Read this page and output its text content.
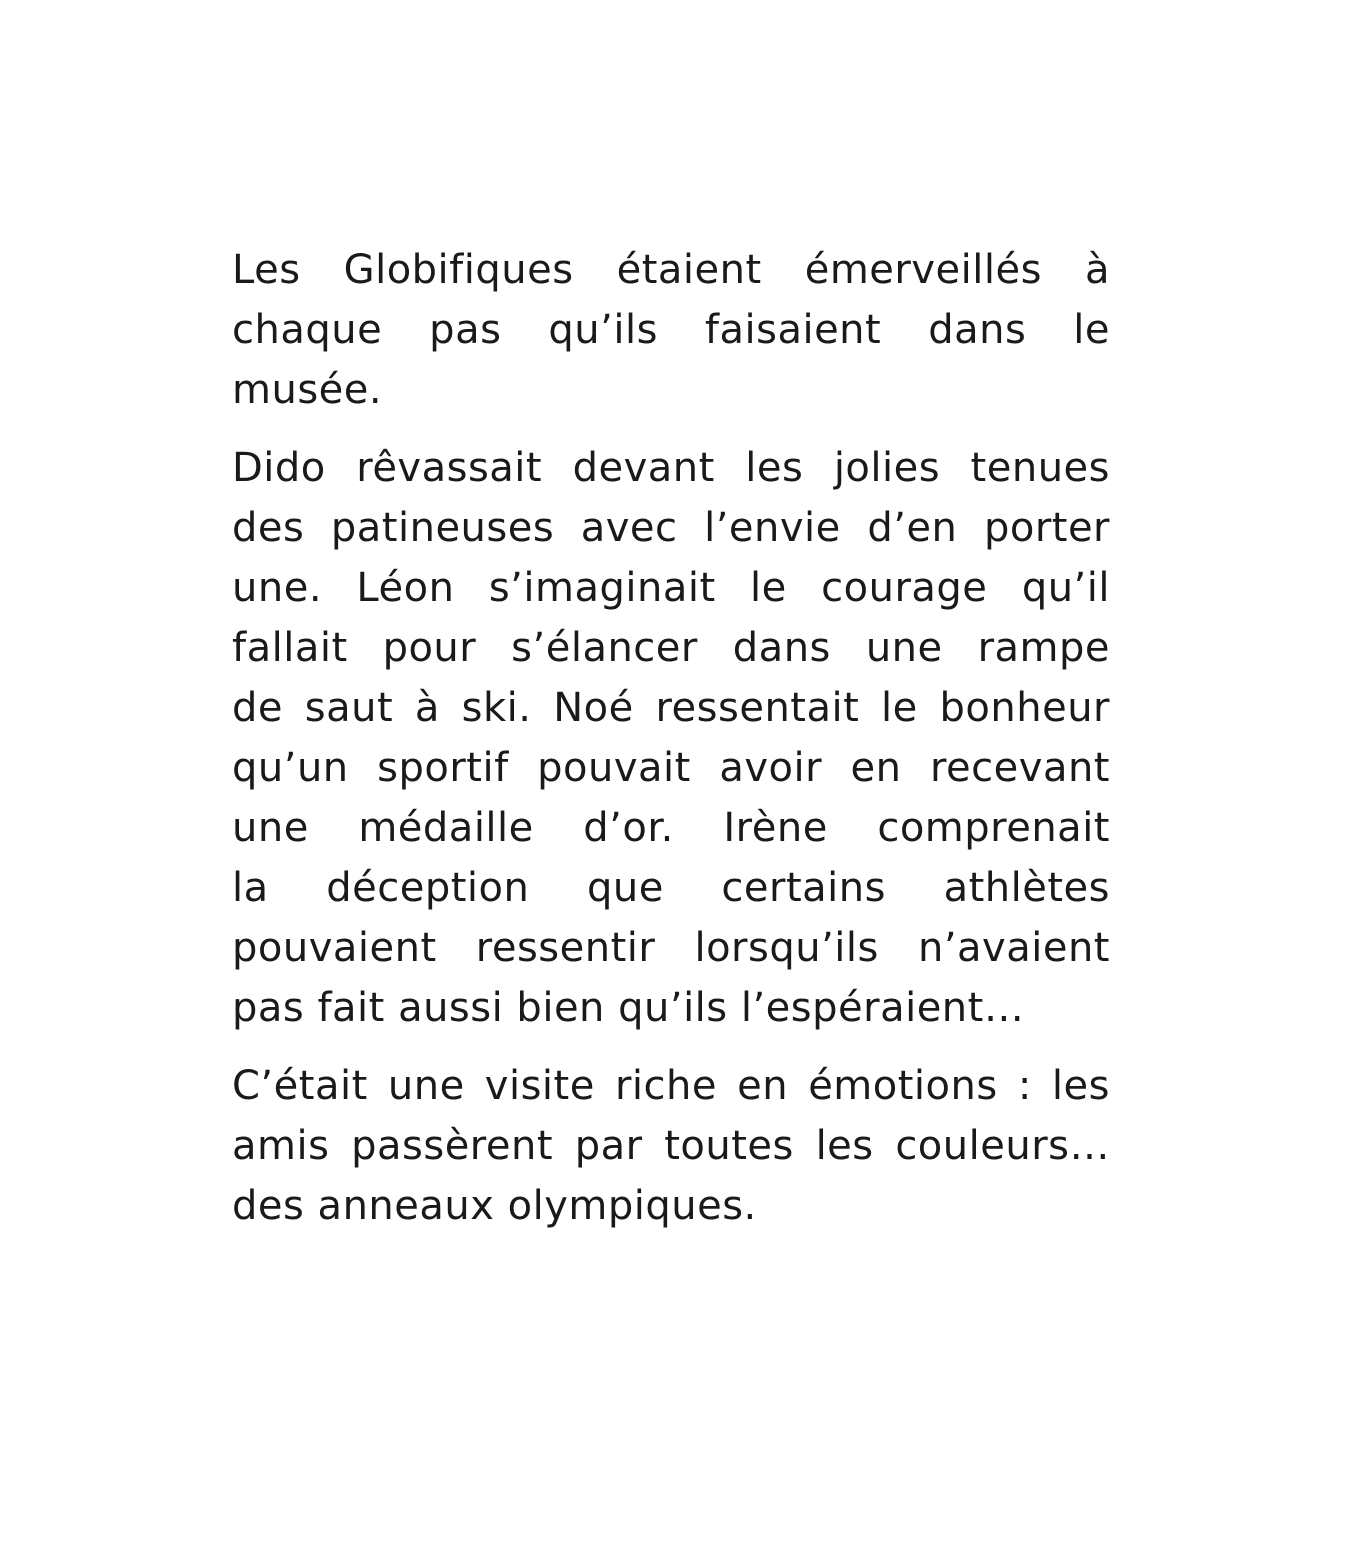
Les Globifiques étaient émerveillés à
chaque pas qu’ils faisaient dans le
musée.

Dido rêvassait devant les jolies tenues
des patineuses avec l’envie d’en porter
une. Léon s’imaginait le courage qu’il
fallait pour s’élancer dans une rampe
de saut à ski. Noé ressentait le bonheur
qu’un sportif pouvait avoir en recevant
une médaille d’or. Irène comprenait
la déception que certains athlètes
pouvaient ressentir lorsqu’ils n’avaient
pas fait aussi bien qu’ils l’espéraient…

C’était une visite riche en émotions : les
amis passèrent par toutes les couleurs…
des anneaux olympiques.
